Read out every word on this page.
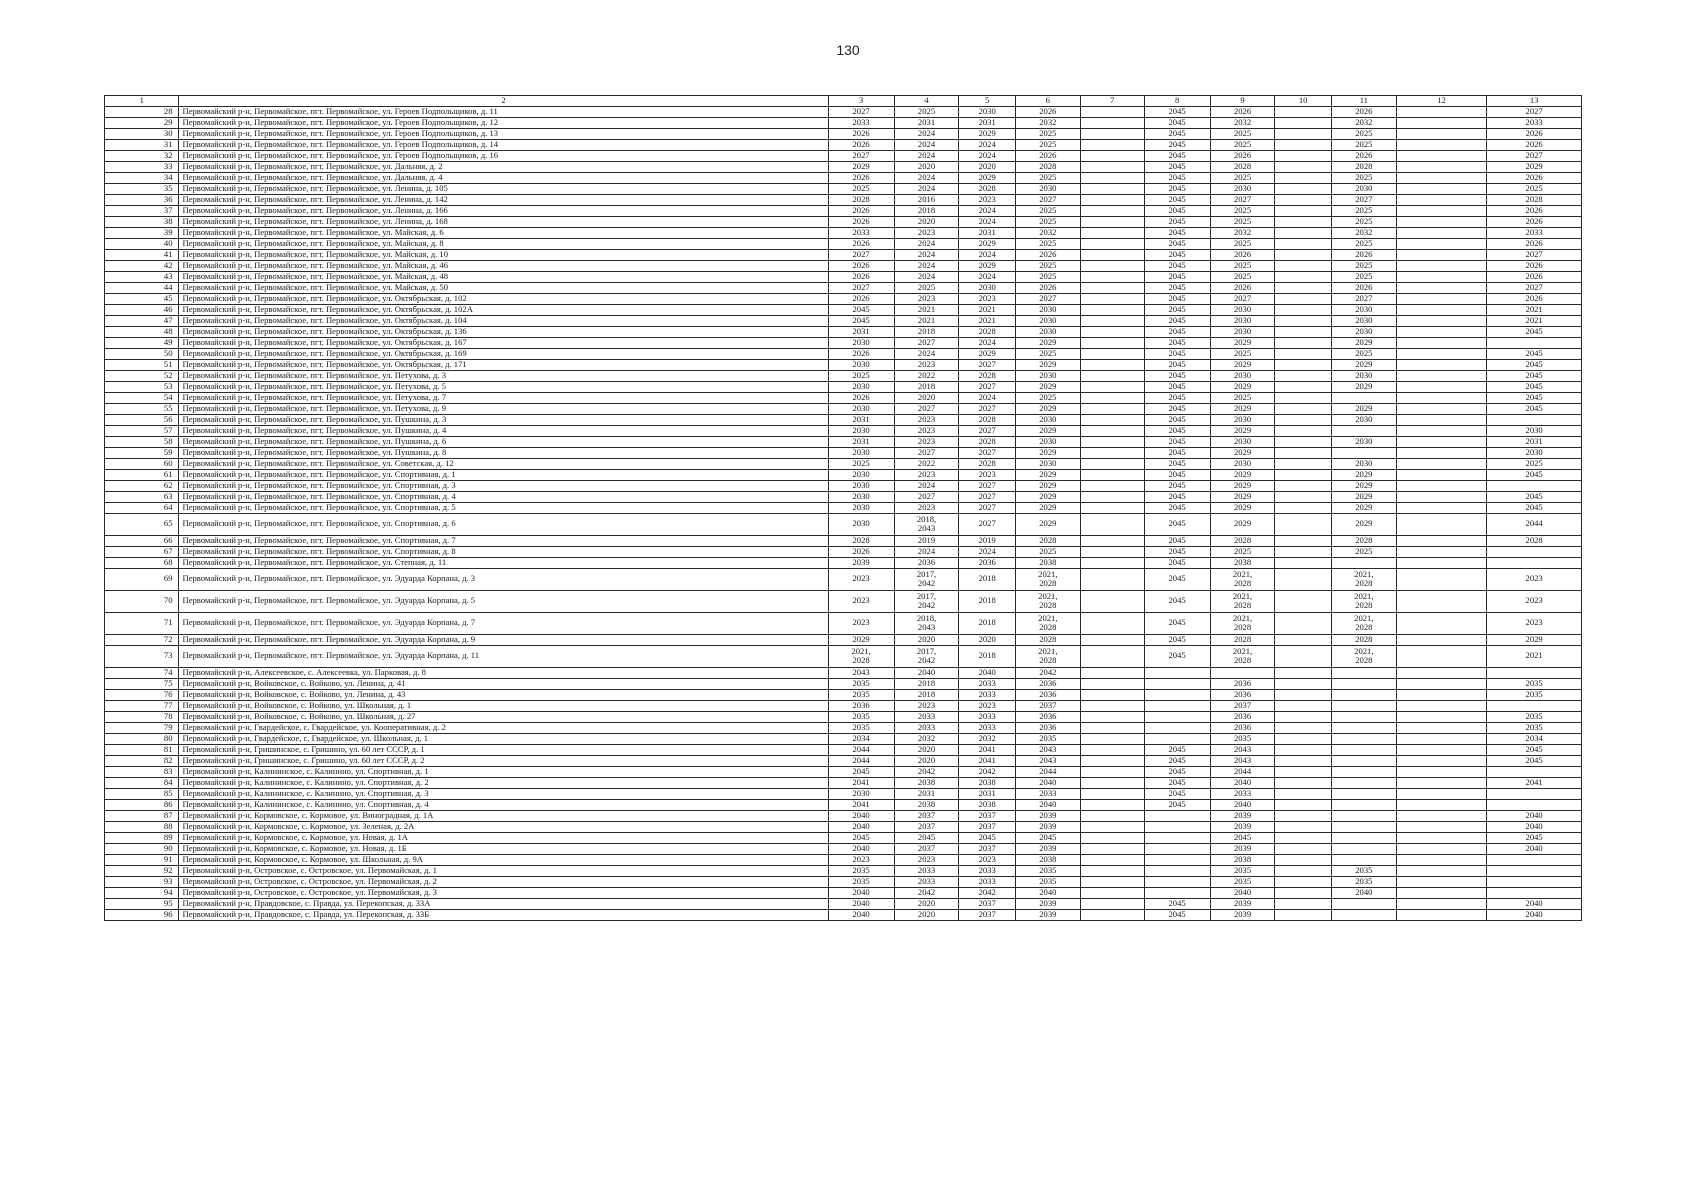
130
1	2	3	4	5	6	7	8	9	10	11	12	13
28	Первомайский р-н, Первомайское, пгт. Первомайское, ул. Героев Подпольщиков, д. 11	2027	2025	2030	2026		2045	2026		2026		2027
29	Первомайский р-н, Первомайское, пгт. Первомайское, ул. Героев Подпольщиков, д. 12	2033	2031	2031	2032		2045	2032		2032		2033
30	Первомайский р-н, Первомайское, пгт. Первомайское, ул. Героев Подпольщиков, д. 13	2026	2024	2029	2025		2045	2025		2025		2026
31	Первомайский р-н, Первомайское, пгт. Первомайское, ул. Героев Подпольщиков, д. 14	2026	2024	2024	2025		2045	2025		2025		2026
32	Первомайский р-н, Первомайское, пгт. Первомайское, ул. Героев Подпольщиков, д. 16	2027	2024	2024	2026		2045	2026		2026		2027
33	Первомайский р-н, Первомайское, пгт. Первомайское, ул. Дальняя, д. 2	2029	2020	2020	2028		2045	2028		2028		2029
34	Первомайский р-н, Первомайское, пгт. Первомайское, ул. Дальняя, д. 4	2026	2024	2029	2025		2045	2025		2025		2026
35	Первомайский р-н, Первомайское, пгт. Первомайское, ул. Ленина, д. 105	2025	2024	2028	2030		2045	2030		2030		2025
36	Первомайский р-н, Первомайское, пгт. Первомайское, ул. Ленина, д. 142	2028	2016	2023	2027		2045	2027		2027		2028
37	Первомайский р-н, Первомайское, пгт. Первомайское, ул. Ленина, д. 166	2026	2018	2024	2025		2045	2025		2025		2026
38	Первомайский р-н, Первомайское, пгт. Первомайское, ул. Ленина, д. 168	2026	2020	2024	2025		2045	2025		2025		2026
39	Первомайский р-н, Первомайское, пгт. Первомайское, ул. Майская, д. 6	2033	2023	2031	2032		2045	2032		2032		2033
40	Первомайский р-н, Первомайское, пгт. Первомайское, ул. Майская, д. 8	2026	2024	2029	2025		2045	2025		2025		2026
41	Первомайский р-н, Первомайское, пгт. Первомайское, ул. Майская, д. 10	2027	2024	2024	2026		2045	2026		2026		2027
42	Первомайский р-н, Первомайское, пгт. Первомайское, ул. Майская, д. 46	2026	2024	2029	2025		2045	2025		2025		2026
43	Первомайский р-н, Первомайское, пгт. Первомайское, ул. Майская, д. 48	2026	2024	2024	2025		2045	2025		2025		2026
44	Первомайский р-н, Первомайское, пгт. Первомайское, ул. Майская, д. 50	2027	2025	2030	2026		2045	2026		2026		2027
45	Первомайский р-н, Первомайское, пгт. Первомайское, ул. Октябрьская, д. 102	2026	2023	2023	2027		2045	2027		2027		2026
46	Первомайский р-н, Первомайское, пгт. Первомайское, ул. Октябрьская, д. 102А	2045	2021	2021	2030		2045	2030		2030		2021
47	Первомайский р-н, Первомайское, пгт. Первомайское, ул. Октябрьская, д. 104	2045	2021	2021	2030		2045	2030		2030		2021
48	Первомайский р-н, Первомайское, пгт. Первомайское, ул. Октябрьская, д. 136	2031	2018	2028	2030		2045	2030		2030		2045
49	Первомайский р-н, Первомайское, пгт. Первомайское, ул. Октябрьская, д. 167	2030	2027	2024	2029		2045	2029		2029		
50	Первомайский р-н, Первомайское, пгт. Первомайское, ул. Октябрьская, д. 169	2026	2024	2029	2025		2045	2025		2025		2045
51	Первомайский р-н, Первомайское, пгт. Первомайское, ул. Октябрьская, д. 171	2030	2023	2027	2029		2045	2029		2029		2045
52	Первомайский р-н, Первомайское, пгт. Первомайское, ул. Петухова, д. 3	2025	2022	2028	2030		2045	2030		2030		2045
53	Первомайский р-н, Первомайское, пгт. Первомайское, ул. Петухова, д. 5	2030	2018	2027	2029		2045	2029		2029		2045
54	Первомайский р-н, Первомайское, пгт. Первомайское, ул. Петухова, д. 7	2026	2020	2024	2025		2045	2025				2045
55	Первомайский р-н, Первомайское, пгт. Первомайское, ул. Петухова, д. 9	2030	2027	2027	2029		2045	2029		2029		2045
56	Первомайский р-н, Первомайское, пгт. Первомайское, ул. Пушкина, д. 3	2031	2023	2028	2030		2045	2030		2030		
57	Первомайский р-н, Первомайское, пгт. Первомайское, ул. Пушкина, д. 4	2030	2023	2027	2029		2045	2029				2030
58	Первомайский р-н, Первомайское, пгт. Первомайское, ул. Пушкина, д. 6	2031	2023	2028	2030		2045	2030		2030		2031
59	Первомайский р-н, Первомайское, пгт. Первомайское, ул. Пушкина, д. 8	2030	2027	2027	2029		2045	2029				2030
60	Первомайский р-н, Первомайское, пгт. Первомайское, ул. Советская, д. 12	2025	2022	2028	2030		2045	2030		2030		2025
61	Первомайский р-н, Первомайское, пгт. Первомайское, ул. Спортивная, д. 1	2030	2023	2023	2029		2045	2029		2029		2045
62	Первомайский р-н, Первомайское, пгт. Первомайское, ул. Спортивная, д. 3	2030	2024	2027	2029		2045	2029		2029		
63	Первомайский р-н, Первомайское, пгт. Первомайское, ул. Спортивная, д. 4	2030	2027	2027	2029		2045	2029		2029		2045
64	Первомайский р-н, Первомайское, пгт. Первомайское, ул. Спортивная, д. 5	2030	2023	2027	2029		2045	2029		2029		2045
65	Первомайский р-н, Первомайское, пгт. Первомайское, ул. Спортивная, д. 6	2030	2018,
2043	2027	2029		2045	2029		2029		2044
66	Первомайский р-н, Первомайское, пгт. Первомайское, ул. Спортивная, д. 7	2028	2019	2019	2028		2045	2028		2028		2028
67	Первомайский р-н, Первомайское, пгт. Первомайское, ул. Спортивная, д. 8	2026	2024	2024	2025		2045	2025		2025		
68	Первомайский р-н, Первомайское, пгт. Первомайское, ул. Степная, д. 11	2039	2036	2036	2038		2045	2038				
69	Первомайский р-н, Первомайское, пгт. Первомайское, ул. Эдуарда Корпана, д. 3	2023	2017,
2042	2018	2021,
2028		2045	2021,
2028		2021,
2028		2023
70	Первомайский р-н, Первомайское, пгт. Первомайское, ул. Эдуарда Корпана, д. 5	2023	2017,
2042	2018	2021,
2028		2045	2021,
2028		2021,
2028		2023
71	Первомайский р-н, Первомайское, пгт. Первомайское, ул. Эдуарда Корпана, д. 7	2023	2018,
2043	2018	2021,
2028		2045	2021,
2028		2021,
2028		2023
72	Первомайский р-н, Первомайское, пгт. Первомайское, ул. Эдуарда Корпана, д. 9	2029	2020	2020	2028		2045	2028		2028		2029
73	Первомайский р-н, Первомайское, пгт. Первомайское, ул. Эдуарда Корпана, д. 11	2021,
2028	2017,
2042	2018	2021,
2028		2045	2021,
2028		2021,
2028		2021
74	Первомайский р-н, Алексеевское, с. Алексеевка, ул. Парковая, д. 8	2043	2040	2040	2042							
75	Первомайский р-н, Войковское, с. Войково, ул. Ленина, д. 41	2035	2018	2033	2036			2036				2035
76	Первомайский р-н, Войковское, с. Войково, ул. Ленина, д. 43	2035	2018	2033	2036			2036				2035
77	Первомайский р-н, Войковское, с. Войково, ул. Школьная, д. 1	2036	2023	2023	2037			2037				
78	Первомайский р-н, Войковское, с. Войково, ул. Школьная, д. 27	2035	2033	2033	2036			2036				2035
79	Первомайский р-н, Гвардейское, с. Гвардейское, ул. Кооперативная, д. 2	2035	2033	2033	2036			2036				2035
80	Первомайский р-н, Гвардейское, с. Гвардейское, ул. Школьная, д. 1	2034	2032	2032	2035			2035				2034
81	Первомайский р-н, Гришинское, с. Гришино, ул. 60 лет СССР, д. 1	2044	2020	2041	2043		2045	2043				2045
82	Первомайский р-н, Гришинское, с. Гришино, ул. 60 лет СССР, д. 2	2044	2020	2041	2043		2045	2043				2045
83	Первомайский р-н, Калининское, с. Калинино, ул. Спортивная, д. 1	2045	2042	2042	2044		2045	2044				
84	Первомайский р-н, Калининское, с. Калинино, ул. Спортивная, д. 2	2041	2038	2038	2040		2045	2040				2041
85	Первомайский р-н, Калининское, с. Калинино, ул. Спортивная, д. 3	2030	2031	2031	2033		2045	2033				
86	Первомайский р-н, Калининское, с. Калинино, ул. Спортивная, д. 4	2041	2038	2038	2040		2045	2040				
87	Первомайский р-н, Кормовское, с. Кормовое, ул. Виноградная, д. 1А	2040	2037	2037	2039			2039				2040
88	Первомайский р-н, Кормовское, с. Кормовое, ул. Зеленая, д. 2А	2040	2037	2037	2039			2039				2040
89	Первомайский р-н, Кормовское, с. Кормовое, ул. Новая, д. 1А	2045	2045	2045	2045			2045				2045
90	Первомайский р-н, Кормовское, с. Кормовое, ул. Новая, д. 1Б	2040	2037	2037	2039			2039				2040
91	Первомайский р-н, Кормовское, с. Кормовое, ул. Школьная, д. 9А	2023	2023	2023	2038			2038				
92	Первомайский р-н, Островское, с. Островское, ул. Первомайская, д. 1	2035	2033	2033	2035			2035		2035		
93	Первомайский р-н, Островское, с. Островское, ул. Первомайская, д. 2	2035	2033	2033	2035			2035		2035		
94	Первомайский р-н, Островское, с. Островское, ул. Первомайская, д. 3	2040	2042	2042	2040			2040		2040		
95	Первомайский р-н, Правдовское, с. Правда, ул. Перекопская, д. 33А	2040	2020	2037	2039		2045	2039				2040
96	Первомайский р-н, Правдовское, с. Правда, ул. Перекопская, д. 33Б	2040	2020	2037	2039		2045	2039				2040
